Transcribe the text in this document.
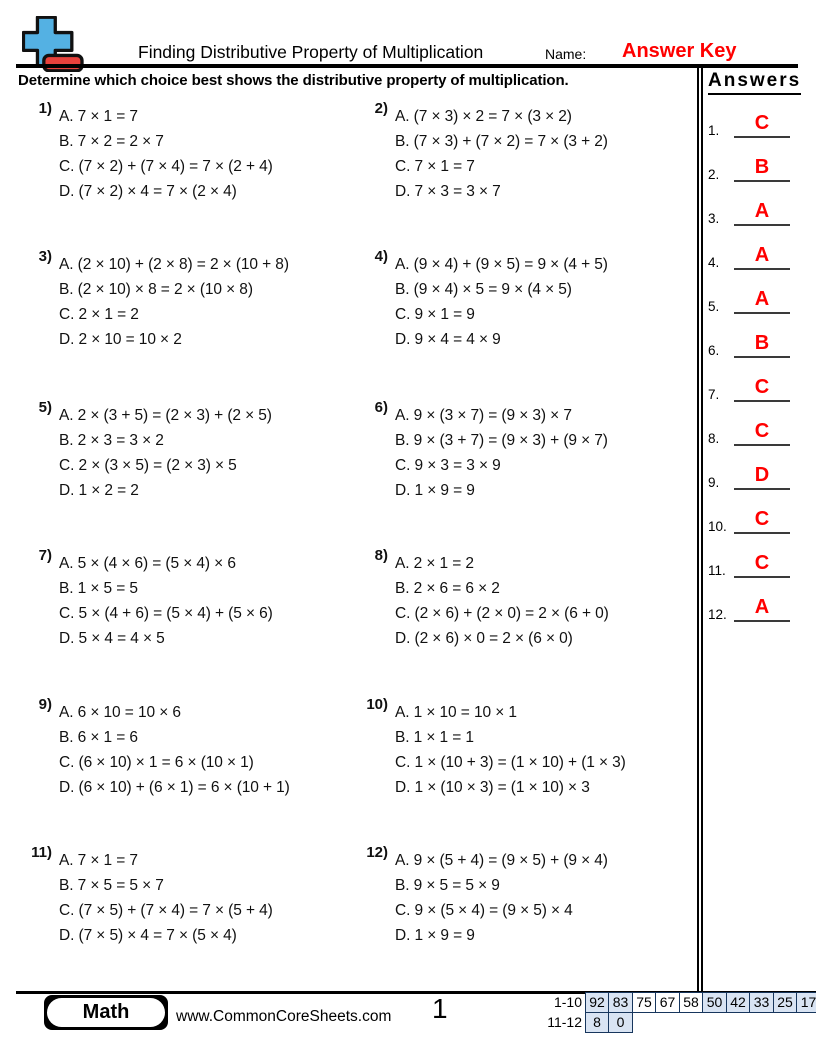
Finding Distributive Property of Multiplication	Name: Answer Key
Determine which choice best shows the distributive property of multiplication.
1) A. 7 × 1 = 7
B. 7 × 2 = 2 × 7
C. (7 × 2) + (7 × 4) = 7 × (2 + 4)
D. (7 × 2) × 4 = 7 × (2 × 4)
2) A. (7 × 3) × 2 = 7 × (3 × 2)
B. (7 × 3) + (7 × 2) = 7 × (3 + 2)
C. 7 × 1 = 7
D. 7 × 3 = 3 × 7
3) A. (2 × 10) + (2 × 8) = 2 × (10 + 8)
B. (2 × 10) × 8 = 2 × (10 × 8)
C. 2 × 1 = 2
D. 2 × 10 = 10 × 2
4) A. (9 × 4) + (9 × 5) = 9 × (4 + 5)
B. (9 × 4) × 5 = 9 × (4 × 5)
C. 9 × 1 = 9
D. 9 × 4 = 4 × 9
5) A. 2 × (3 + 5) = (2 × 3) + (2 × 5)
B. 2 × 3 = 3 × 2
C. 2 × (3 × 5) = (2 × 3) × 5
D. 1 × 2 = 2
6) A. 9 × (3 × 7) = (9 × 3) × 7
B. 9 × (3 + 7) = (9 × 3) + (9 × 7)
C. 9 × 3 = 3 × 9
D. 1 × 9 = 9
7) A. 5 × (4 × 6) = (5 × 4) × 6
B. 1 × 5 = 5
C. 5 × (4 + 6) = (5 × 4) + (5 × 6)
D. 5 × 4 = 4 × 5
8) A. 2 × 1 = 2
B. 2 × 6 = 6 × 2
C. (2 × 6) + (2 × 0) = 2 × (6 + 0)
D. (2 × 6) × 0 = 2 × (6 × 0)
9) A. 6 × 10 = 10 × 6
B. 6 × 1 = 6
C. (6 × 10) × 1 = 6 × (10 × 1)
D. (6 × 10) + (6 × 1) = 6 × (10 + 1)
10) A. 1 × 10 = 10 × 1
B. 1 × 1 = 1
C. 1 × (10 + 3) = (1 × 10) + (1 × 3)
D. 1 × (10 × 3) = (1 × 10) × 3
11) A. 7 × 1 = 7
B. 7 × 5 = 5 × 7
C. (7 × 5) + (7 × 4) = 7 × (5 + 4)
D. (7 × 5) × 4 = 7 × (5 × 4)
12) A. 9 × (5 + 4) = (9 × 5) + (9 × 4)
B. 9 × 5 = 5 × 9
C. 9 × (5 × 4) = (9 × 5) × 4
D. 1 × 9 = 9
Answers
1.	C
2.	B
3.	A
4.	A
5.	A
6.	B
7.	C
8.	C
9.	D
10.	C
11.	C
12.	A
Math	www.CommonCoreSheets.com 1	1-10 92 83 75 67 58 50 42 33 25 17
11-12 8	0
